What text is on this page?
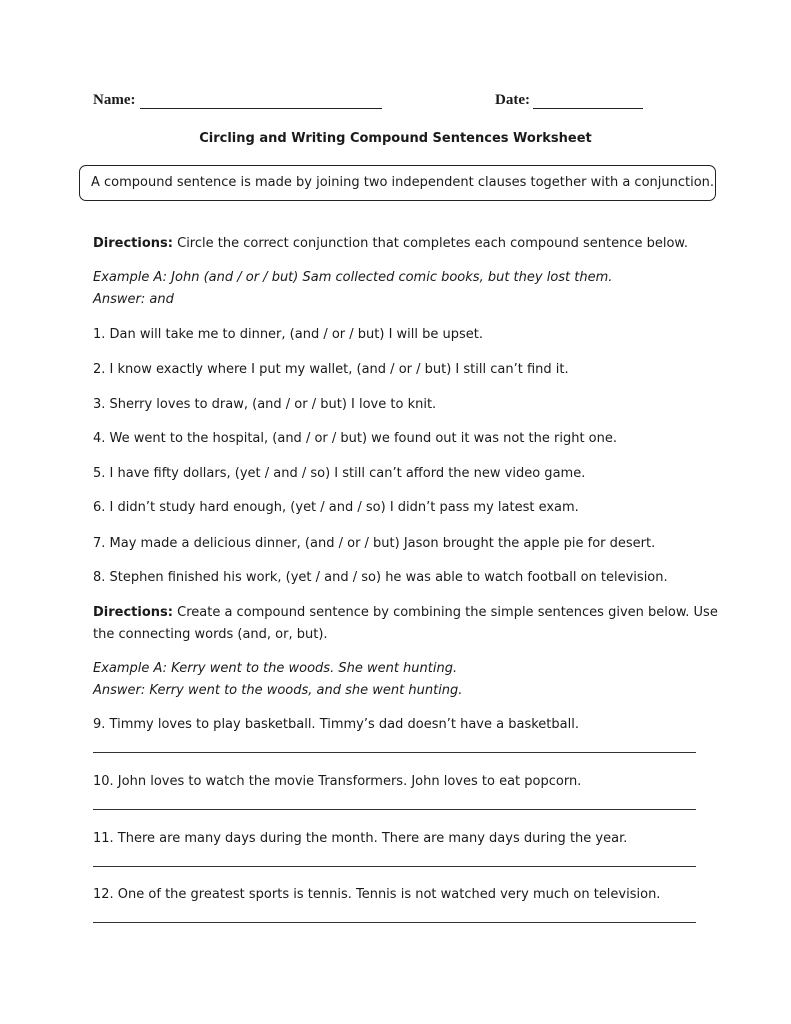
Name:	Date:
Circling and Writing Compound Sentences Worksheet
A compound sentence is made by joining two independent clauses together with a conjunction.
Directions: Circle the correct conjunction that completes each compound sentence below.
Example A: John (and / or / but) Sam collected comic books, but they lost them.
Answer: and
1. Dan will take me to dinner, (and / or / but) I will be upset.
2. I know exactly where I put my wallet, (and / or / but) I still can’t find it.
3. Sherry loves to draw, (and / or / but) I love to knit.
4. We went to the hospital, (and / or / but) we found out it was not the right one.
5. I have fifty dollars, (yet / and / so) I still can’t afford the new video game.
6. I didn’t study hard enough, (yet / and / so) I didn’t pass my latest exam.
7. May made a delicious dinner, (and / or / but) Jason brought the apple pie for desert.
8. Stephen finished his work, (yet / and / so) he was able to watch football on television.
Directions: Create a compound sentence by combining the simple sentences given below. Use
the connecting words (and, or, but).
Example A: Kerry went to the woods. She went hunting.
Answer: Kerry went to the woods, and she went hunting.
9. Timmy loves to play basketball. Timmy’s dad doesn’t have a basketball.
10. John loves to watch the movie Transformers. John loves to eat popcorn.
11. There are many days during the month. There are many days during the year.
12. One of the greatest sports is tennis. Tennis is not watched very much on television.
